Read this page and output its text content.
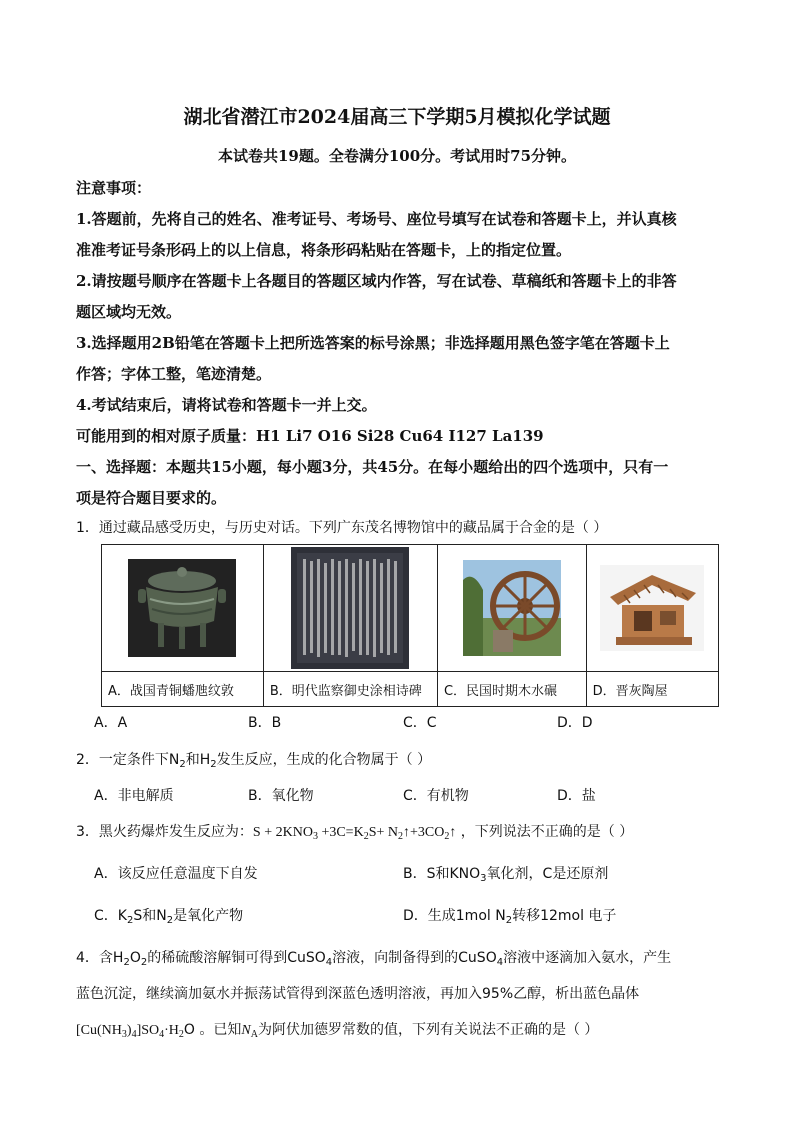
湖北省潜江市2024届高三下学期5月模拟化学试题
本试卷共19题。全卷满分100分。考试用时75分钟。
注意事项：
1.答题前，先将自己的姓名、准考证号、考场号、座位号填写在试卷和答题卡上，并认真核
准准考证号条形码上的以上信息，将条形码粘贴在答题卡，上的指定位置。
2.请按题号顺序在答题卡上各题目的答题区域内作答，写在试卷、草稿纸和答题卡上的非答
题区域均无效。
3.选择题用2B铅笔在答题卡上把所选答案的标号涂黑；非选择题用黑色签字笔在答题卡上
作答；字体工整，笔迹清楚。
4.考试结束后，请将试卷和答题卡一并上交。
可能用到的相对原子质量：H1 Li7 O16 Si28 Cu64 I127 La139
一、选择题：本题共15小题，每小题3分，共45分。在每小题给出的四个选项中，只有一
项是符合题目要求的。
1．通过藏品感受历史，与历史对话。下列广东茂名博物馆中的藏品属于合金的是（ ）

A．战国青铜蟠虺纹敦	B．明代监察御史涂相诗碑	C．民国时期木水碾	D．晋灰陶屋
A．A	B．B	C．C	D．D
2．一定条件下$N_2$和$H_2$发生反应，生成的化合物属于（ ）
A．非电解质	B．氧化物	C．有机物	D．盐
3．黑火药爆炸发生反应为：$S + 2KNO_3 +3C=K_2S+$ $N_2↑+3CO_2↑$ ，下列说法不正确的是（ ）
A．该反应任意温度下自发	B．S和$KNO_3$氧化剂，C是还原剂
C．$K_2S$和$N_2$是氧化产物	D．生成1mol $N_2$转移12mol 电子
4．含$H_2O_2$的稀硫酸溶解铜可得到CuSO$_4$溶液，向制备得到的CuSO$_4$溶液中逐滴加入氨水，产生
蓝色沉淀，继续滴加氨水并振荡试管得到深蓝色透明溶液，再加入95%乙醇，析出蓝色晶体
$[Cu(NH_3)_4]SO_4\cdot H_2O$ 。已知$N_A$为阿伏加德罗常数的值，下列有关说法不正确的是（ ）
